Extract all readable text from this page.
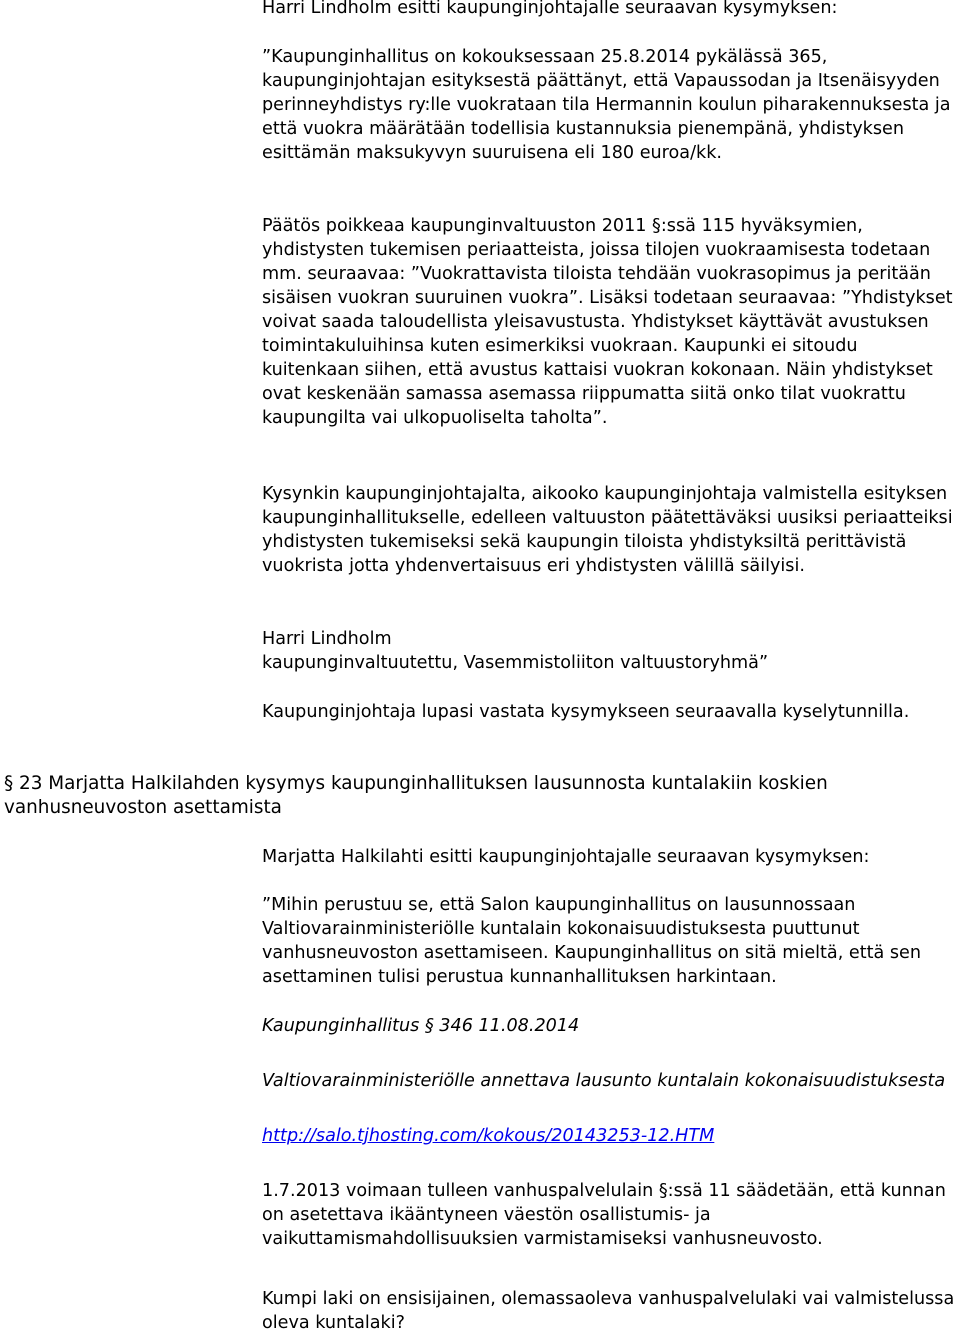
Harri Lindholm esitti kaupunginjohtajalle seuraavan kysymyksen:

”Kaupunginhallitus on kokouksessaan 25.8.2014 pykälässä 365, kaupunginjohtajan esityksestä päättänyt, että Vapaussodan ja Itsenäisyyden perinneyhdistys ry:lle vuokrataan tila Hermannin koulun piharakennuksesta ja että vuokra määrätään todellisia kustannuksia pienempänä, yhdistyksen esittämän maksukyvyn suuruisena eli 180 euroa/kk.

Päätös poikkeaa kaupunginvaltuuston 2011 §:ssä 115 hyväksymien, yhdistysten tukemisen periaatteista, joissa tilojen vuokraamisesta todetaan mm. seuraavaa: ”Vuokrattavista tiloista tehdään vuokrasopimus ja peritään sisäisen vuokran suuruinen vuokra”. Lisäksi todetaan seuraavaa: ”Yhdistykset voivat saada taloudellista yleisavustusta. Yhdistykset käyttävät avustuksen toimintakuluihinsa kuten esimerkiksi vuokraan. Kaupunki ei sitoudu kuitenkaan siihen, että avustus kattaisi vuokran kokonaan. Näin yhdistykset ovat keskenään samassa asemassa riippumatta siitä onko tilat vuokrattu kaupungilta vai ulkopuoliselta taholta”.

Kysynkin kaupunginjohtajalta, aikooko kaupunginjohtaja valmistella esityksen kaupunginhallitukselle, edelleen valtuuston päätettäväksi uusiksi periaatteiksi yhdistysten tukemiseksi sekä kaupungin tiloista yhdistyksiltä perittävistä vuokrista jotta yhdenvertaisuus eri yhdistysten välillä säilyisi.

Harri Lindholm

kaupunginvaltuutettu, Vasemmistoliiton valtuustoryhmä”

Kaupunginjohtaja lupasi vastata kysymykseen seuraavalla kyselytunnilla.

§ 23 Marjatta Halkilahden kysymys kaupunginhallituksen lausunnosta kuntalakiin koskien vanhusneuvoston asettamista

Marjatta Halkilahti esitti kaupunginjohtajalle seuraavan kysymyksen:

”Mihin perustuu se, että Salon kaupunginhallitus on lausunnossaan Valtiovarainministeriölle kuntalain kokonaisuudistuksesta puuttunut vanhusneuvoston asettamiseen. Kaupunginhallitus on sitä mieltä, että sen asettaminen tulisi perustua kunnanhallituksen harkintaan.

Kaupunginhallitus § 346 11.08.2014

Valtiovarainministeriölle annettava lausunto kuntalain kokonaisuudistuksesta

http://salo.tjhosting.com/kokous/20143253-12.HTM

1.7.2013 voimaan tulleen vanhuspalvelulain §:ssä 11 säädetään, että kunnan on asetettava ikääntyneen väestön osallistumis- ja vaikuttamismahdollisuuksien varmistamiseksi vanhusneuvosto.

Kumpi laki on ensisijainen, olemassaoleva vanhuspalvelulaki vai valmistelussa oleva kuntalaki?
